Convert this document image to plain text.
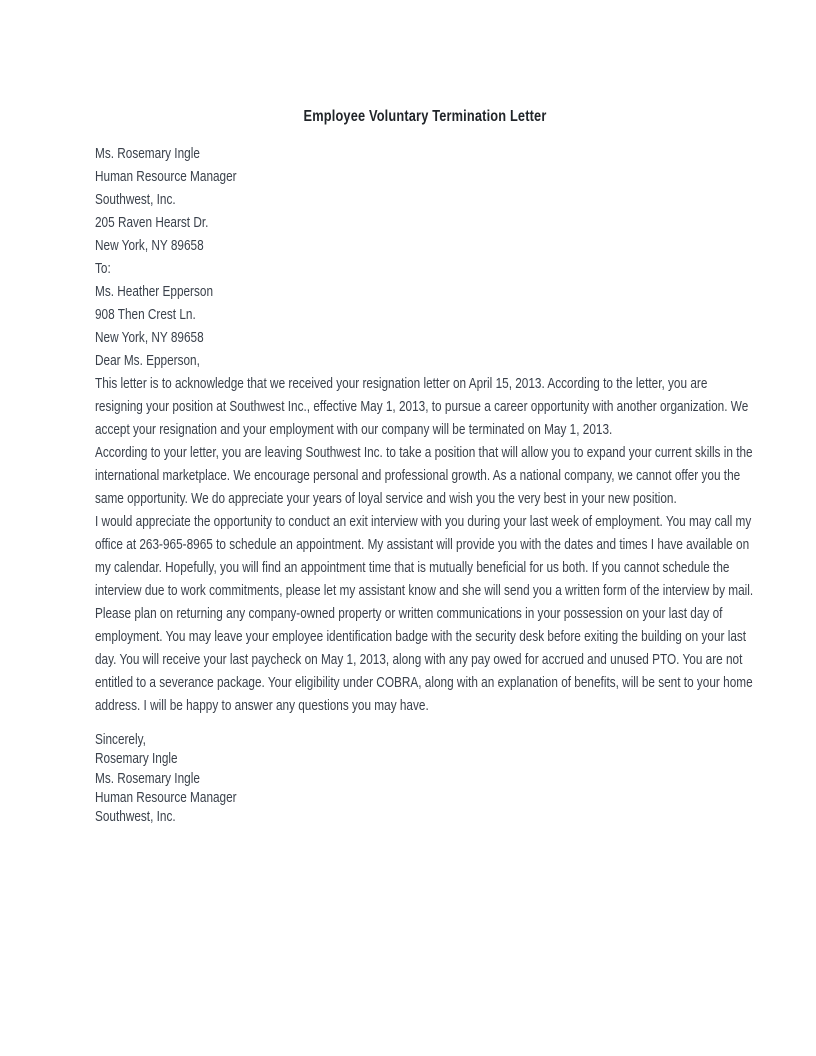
Employee Voluntary Termination Letter
Ms. Rosemary Ingle
Human Resource Manager
Southwest, Inc.
205 Raven Hearst Dr.
New York, NY 89658
To:
Ms. Heather Epperson
908 Then Crest Ln.
New York, NY 89658
Dear Ms. Epperson,

This letter is to acknowledge that we received your resignation letter on April 15, 2013. According to the letter, you are resigning your position at Southwest Inc., effective May 1, 2013, to pursue a career opportunity with another organization. We accept your resignation and your employment with our company will be terminated on May 1, 2013.

According to your letter, you are leaving Southwest Inc. to take a position that will allow you to expand your current skills in the international marketplace. We encourage personal and professional growth. As a national company, we cannot offer you the same opportunity. We do appreciate your years of loyal service and wish you the very best in your new position.

I would appreciate the opportunity to conduct an exit interview with you during your last week of employment. You may call my office at 263-965-8965 to schedule an appointment. My assistant will provide you with the dates and times I have available on my calendar. Hopefully, you will find an appointment time that is mutually beneficial for us both. If you cannot schedule the interview due to work commitments, please let my assistant know and she will send you a written form of the interview by mail.

Please plan on returning any company-owned property or written communications in your possession on your last day of employment. You may leave your employee identification badge with the security desk before exiting the building on your last day. You will receive your last paycheck on May 1, 2013, along with any pay owed for accrued and unused PTO. You are not entitled to a severance package. Your eligibility under COBRA, along with an explanation of benefits, will be sent to your home address. I will be happy to answer any questions you may have.

Sincerely,
Rosemary Ingle
Ms. Rosemary Ingle
Human Resource Manager
Southwest, Inc.
